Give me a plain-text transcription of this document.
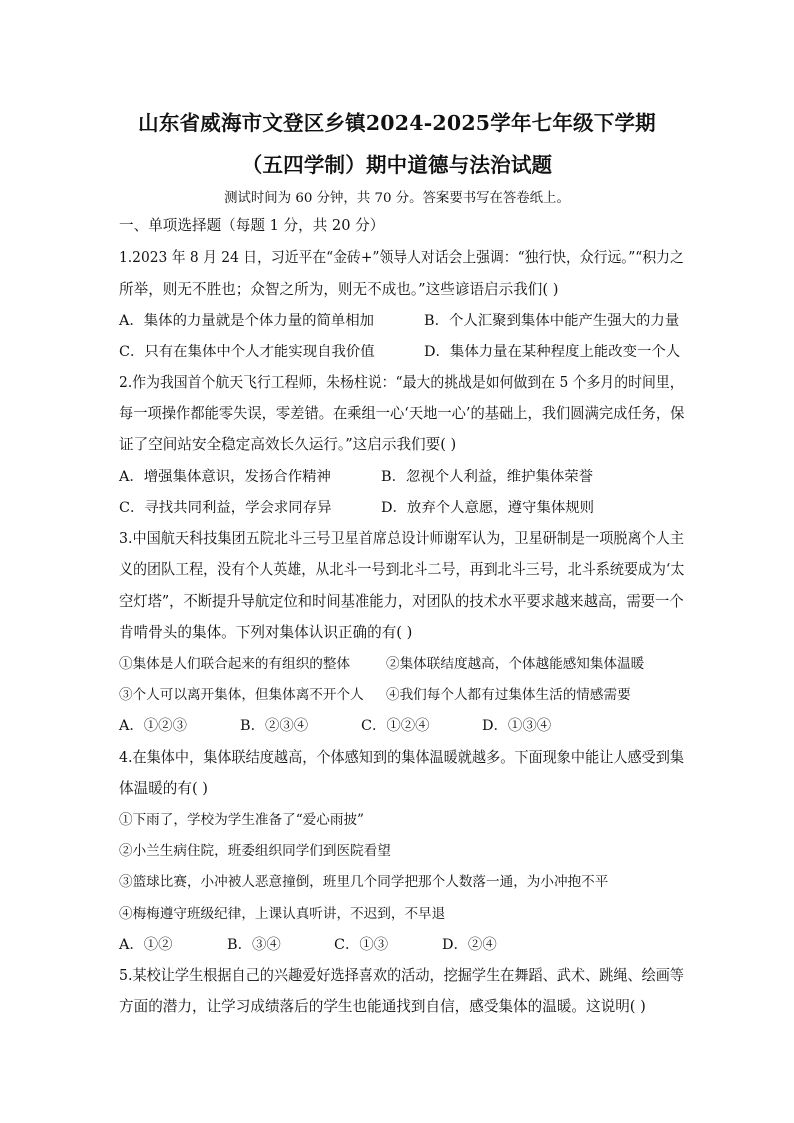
山东省威海市文登区乡镇2024-2025学年七年级下学期
（五四学制）期中道德与法治试题
测试时间为 60 分钟，共 70 分。答案要书写在答卷纸上。
一、单项选择题（每题 1 分，共 20 分）
1.2023 年 8 月 24 日，习近平在“金砖+”领导人对话会上强调：“独行快，众行远。”“积力之
所举，则无不胜也；众智之所为，则无不成也。”这些谚语启示我们( )
A．集体的力量就是个体力量的简单相加	B．个人汇聚到集体中能产生强大的力量
C．只有在集体中个人才能实现自我价值	D．集体力量在某种程度上能改变一个人
2.作为我国首个航天飞行工程师，朱杨柱说：“最大的挑战是如何做到在 5 个多月的时间里，
每一项操作都能零失误，零差错。在乘组一心‘天地一心’的基础上，我们圆满完成任务，保
证了空间站安全稳定高效长久运行。”这启示我们要( )
A．增强集体意识，发扬合作精神	B．忽视个人利益，维护集体荣誉
C．寻找共同利益，学会求同存异	D．放弃个人意愿，遵守集体规则
3.中国航天科技集团五院北斗三号卫星首席总设计师谢军认为，卫星研制是一项脱离个人主
义的团队工程，没有个人英雄，从北斗一号到北斗二号，再到北斗三号，北斗系统要成为‘太
空灯塔”，不断提升导航定位和时间基准能力，对团队的技术水平要求越来越高，需要一个
肯啃骨头的集体。下列对集体认识正确的有( )
①集体是人们联合起来的有组织的整体	②集体联结度越高，个体越能感知集体温暖
③个人可以离开集体，但集体离不开个人 ④我们每个人都有过集体生活的情感需要
A．①②③	B．②③④	C．①②④	D．①③④
4.在集体中，集体联结度越高，个体感知到的集体温暖就越多。下面现象中能让人感受到集
体温暖的有( )
①下雨了，学校为学生准备了“爱心雨披”
②小兰生病住院，班委组织同学们到医院看望
③篮球比赛，小冲被人恶意撞倒，班里几个同学把那个人数落一通，为小冲抱不平
④梅梅遵守班级纪律，上课认真听讲，不迟到，不早退
A．①②	B．③④	C．①③	D．②④
5.某校让学生根据自己的兴趣爱好选择喜欢的活动，挖掘学生在舞蹈、武术、跳绳、绘画等
方面的潜力，让学习成绩落后的学生也能通找到自信，感受集体的温暖。这说明( )
